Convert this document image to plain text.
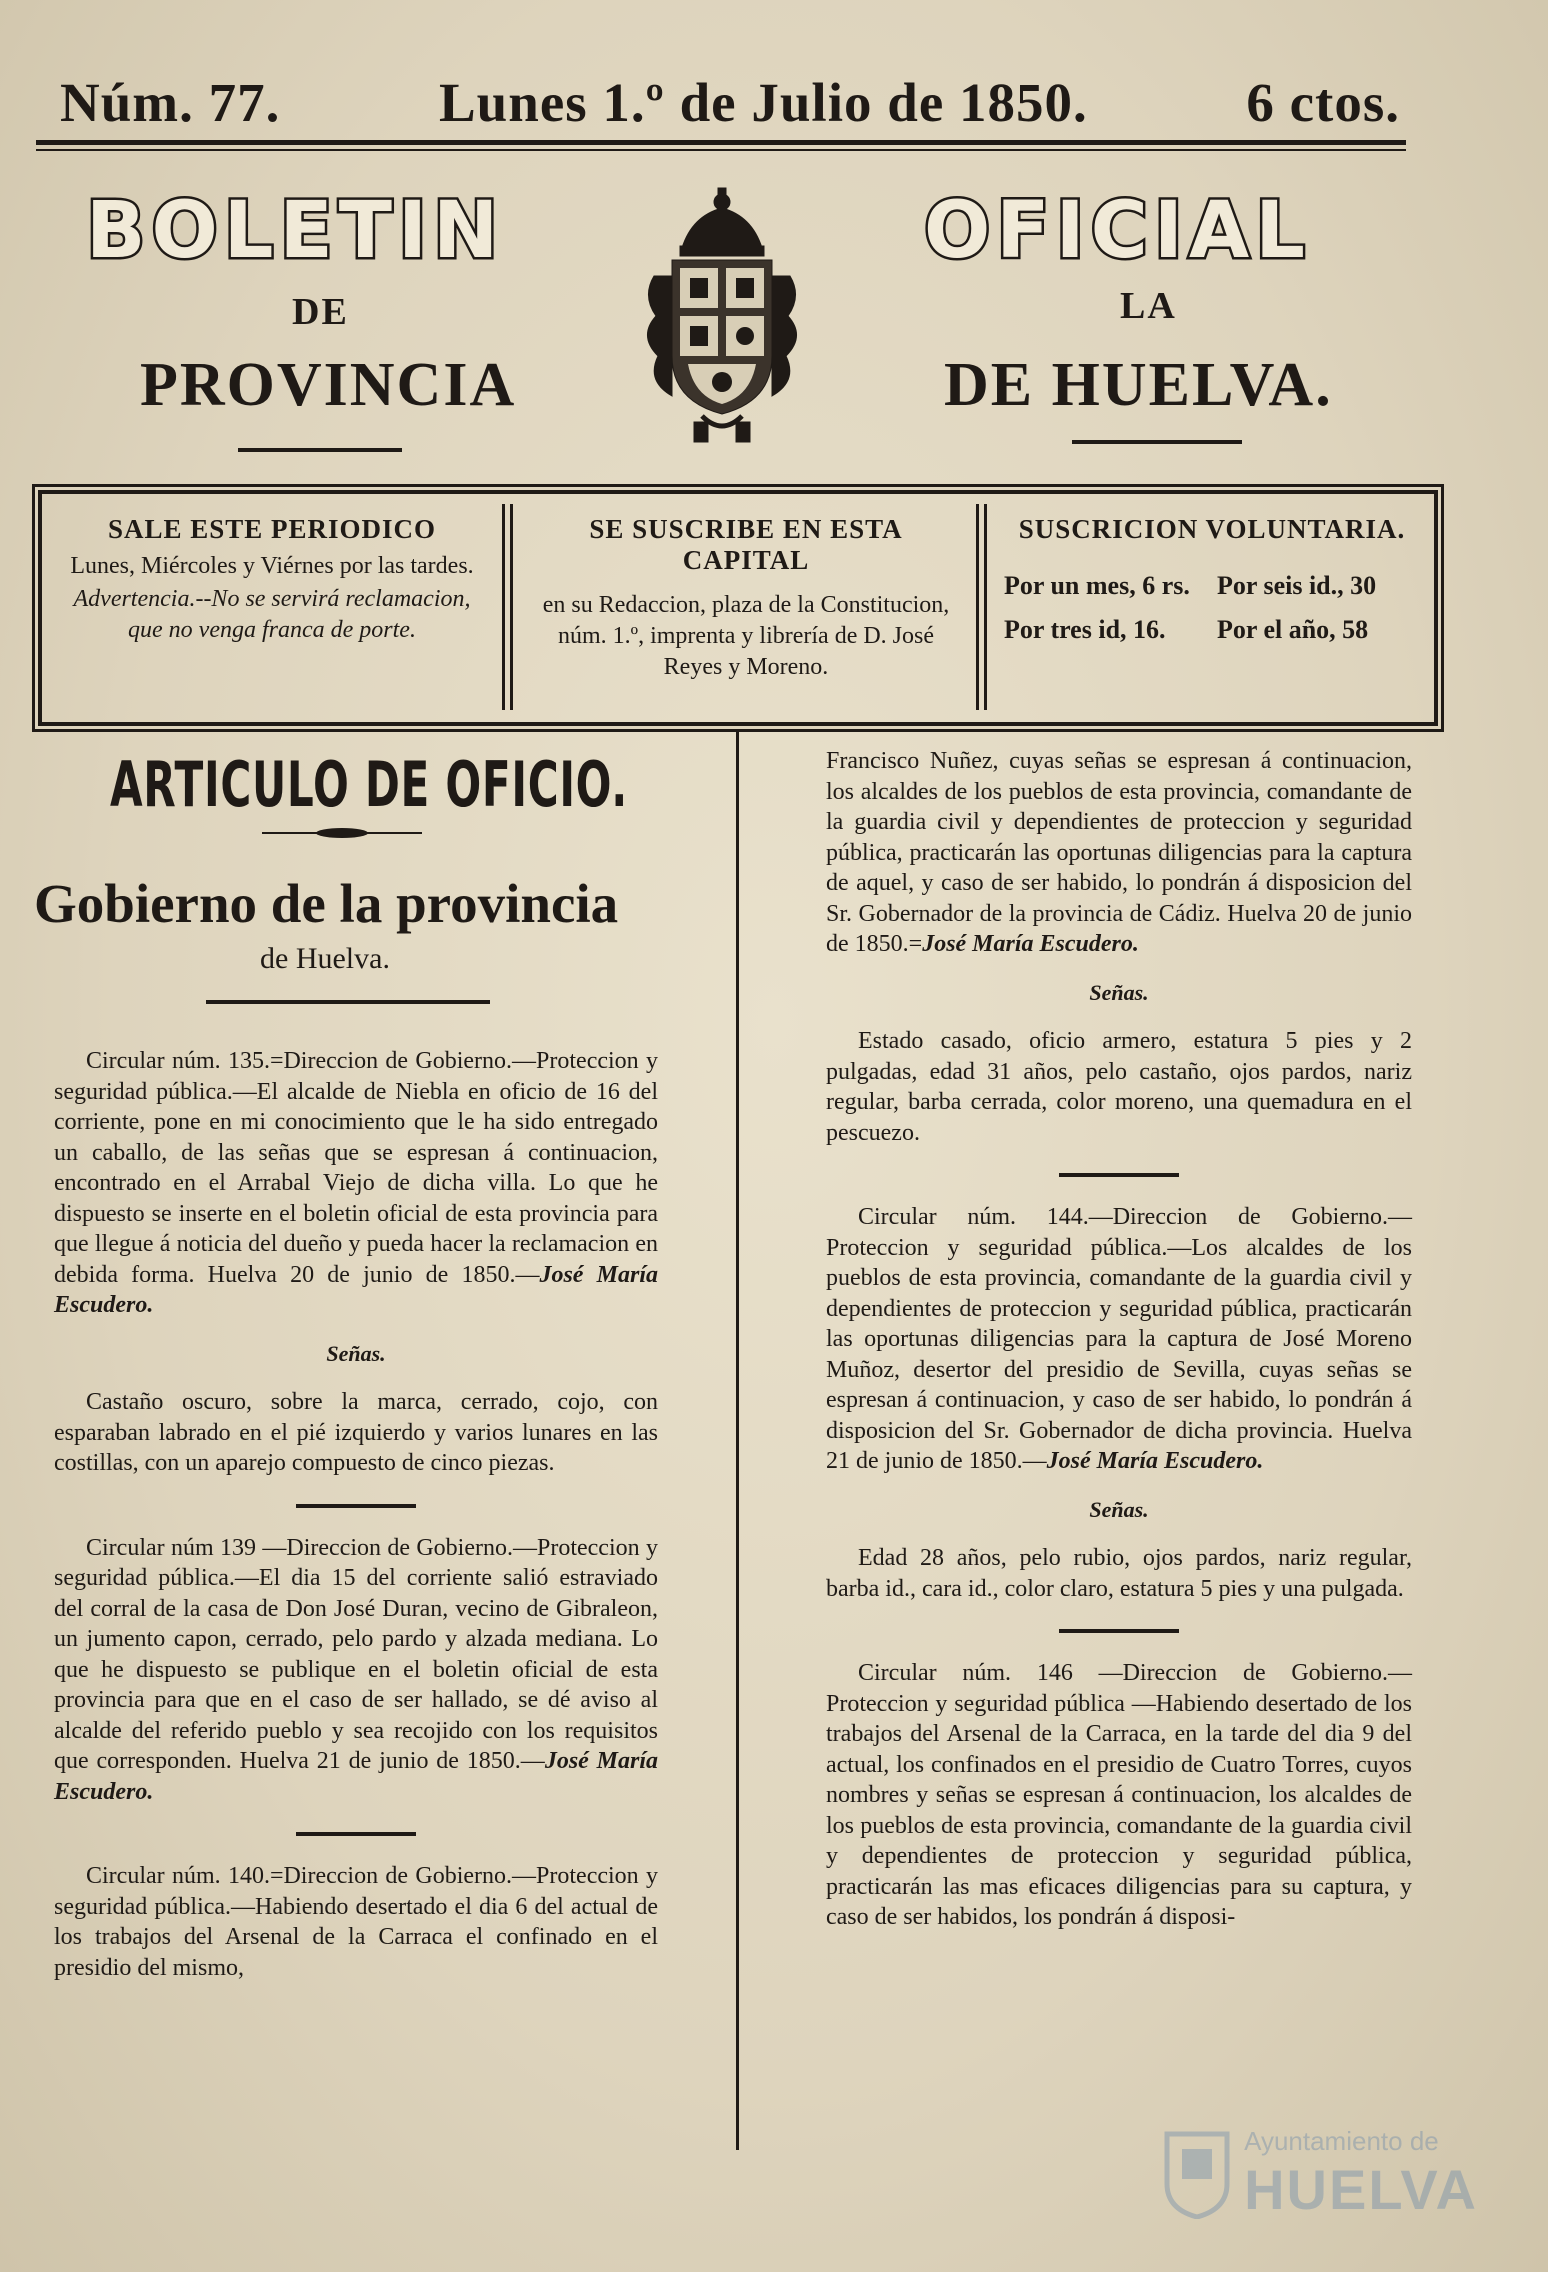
Núm. 77.	Lunes 1.º de Julio de 1850.	6 ctos.
BOLETIN	OFICIAL
DE	LA
PROVINCIA	DE HUELVA.
SALE ESTE PERIODICO
Lunes, Miércoles y Viérnes por las tardes.
Advertencia.--No se servirá reclamacion, que no venga franca de porte.
SE SUSCRIBE EN ESTA CAPITAL
en su Redaccion, plaza de la Constitucion, núm. 1.º, imprenta y librería de D. José Reyes y Moreno.
SUSCRICION VOLUNTARIA.
Por un mes, 6 rs.	Por seis id., 30
Por tres id, 16.	Por el año, 58
ARTICULO DE OFICIO.
Gobierno de la provincia
de Huelva.

Circular núm. 135.=Direccion de Gobierno.—Proteccion y seguridad pública.—El alcalde de Niebla en oficio de 16 del corriente, pone en mi conocimiento que le ha sido entregado un caballo, de las señas que se espresan á continuacion, encontrado en el Arrabal Viejo de dicha villa. Lo que he dispuesto se inserte en el boletin oficial de esta provincia para que llegue á noticia del dueño y pueda hacer la reclamacion en debida forma. Huelva 20 de junio de 1850.—José María Escudero.

Señas.

Castaño oscuro, sobre la marca, cerrado, cojo, con esparaban labrado en el pié izquierdo y varios lunares en las costillas, con un aparejo compuesto de cinco piezas.

Circular núm 139 —Direccion de Gobierno.—Proteccion y seguridad pública.—El dia 15 del corriente salió estraviado del corral de la casa de Don José Duran, vecino de Gibraleon, un jumento capon, cerrado, pelo pardo y alzada mediana. Lo que he dispuesto se publique en el boletin oficial de esta provincia para que en el caso de ser hallado, se dé aviso al alcalde del referido pueblo y sea recojido con los requisitos que corresponden. Huelva 21 de junio de 1850.—José María Escudero.

Circular núm. 140.=Direccion de Gobierno.—Proteccion y seguridad pública.—Habiendo desertado el dia 6 del actual de los trabajos del Arsenal de la Carraca el confinado en el presidio del mismo,

Francisco Nuñez, cuyas señas se espresan á continuacion, los alcaldes de los pueblos de esta provincia, comandante de la guardia civil y dependientes de proteccion y seguridad pública, practicarán las oportunas diligencias para la captura de aquel, y caso de ser habido, lo pondrán á disposicion del Sr. Gobernador de la provincia de Cádiz. Huelva 20 de junio de 1850.=José María Escudero.

Señas.

Estado casado, oficio armero, estatura 5 pies y 2 pulgadas, edad 31 años, pelo castaño, ojos pardos, nariz regular, barba cerrada, color moreno, una quemadura en el pescuezo.

Circular núm. 144.—Direccion de Gobierno.—Proteccion y seguridad pública.—Los alcaldes de los pueblos de esta provincia, comandante de la guardia civil y dependientes de proteccion y seguridad pública, practicarán las oportunas diligencias para la captura de José Moreno Muñoz, desertor del presidio de Sevilla, cuyas señas se espresan á continuacion, y caso de ser habido, lo pondrán á disposicion del Sr. Gobernador de dicha provincia. Huelva 21 de junio de 1850.—José María Escudero.

Señas.

Edad 28 años, pelo rubio, ojos pardos, nariz regular, barba id., cara id., color claro, estatura 5 pies y una pulgada.

Circular núm. 146 —Direccion de Gobierno.—Proteccion y seguridad pública —Habiendo desertado de los trabajos del Arsenal de la Carraca, en la tarde del dia 9 del actual, los confinados en el presidio de Cuatro Torres, cuyos nombres y señas se espresan á continuacion, los alcaldes de los pueblos de esta provincia, comandante de la guardia civil y dependientes de proteccion y seguridad pública, practicarán las mas eficaces diligencias para su captura, y caso de ser habidos, los pondrán á disposi-

Ayuntamiento de
HUELVA
